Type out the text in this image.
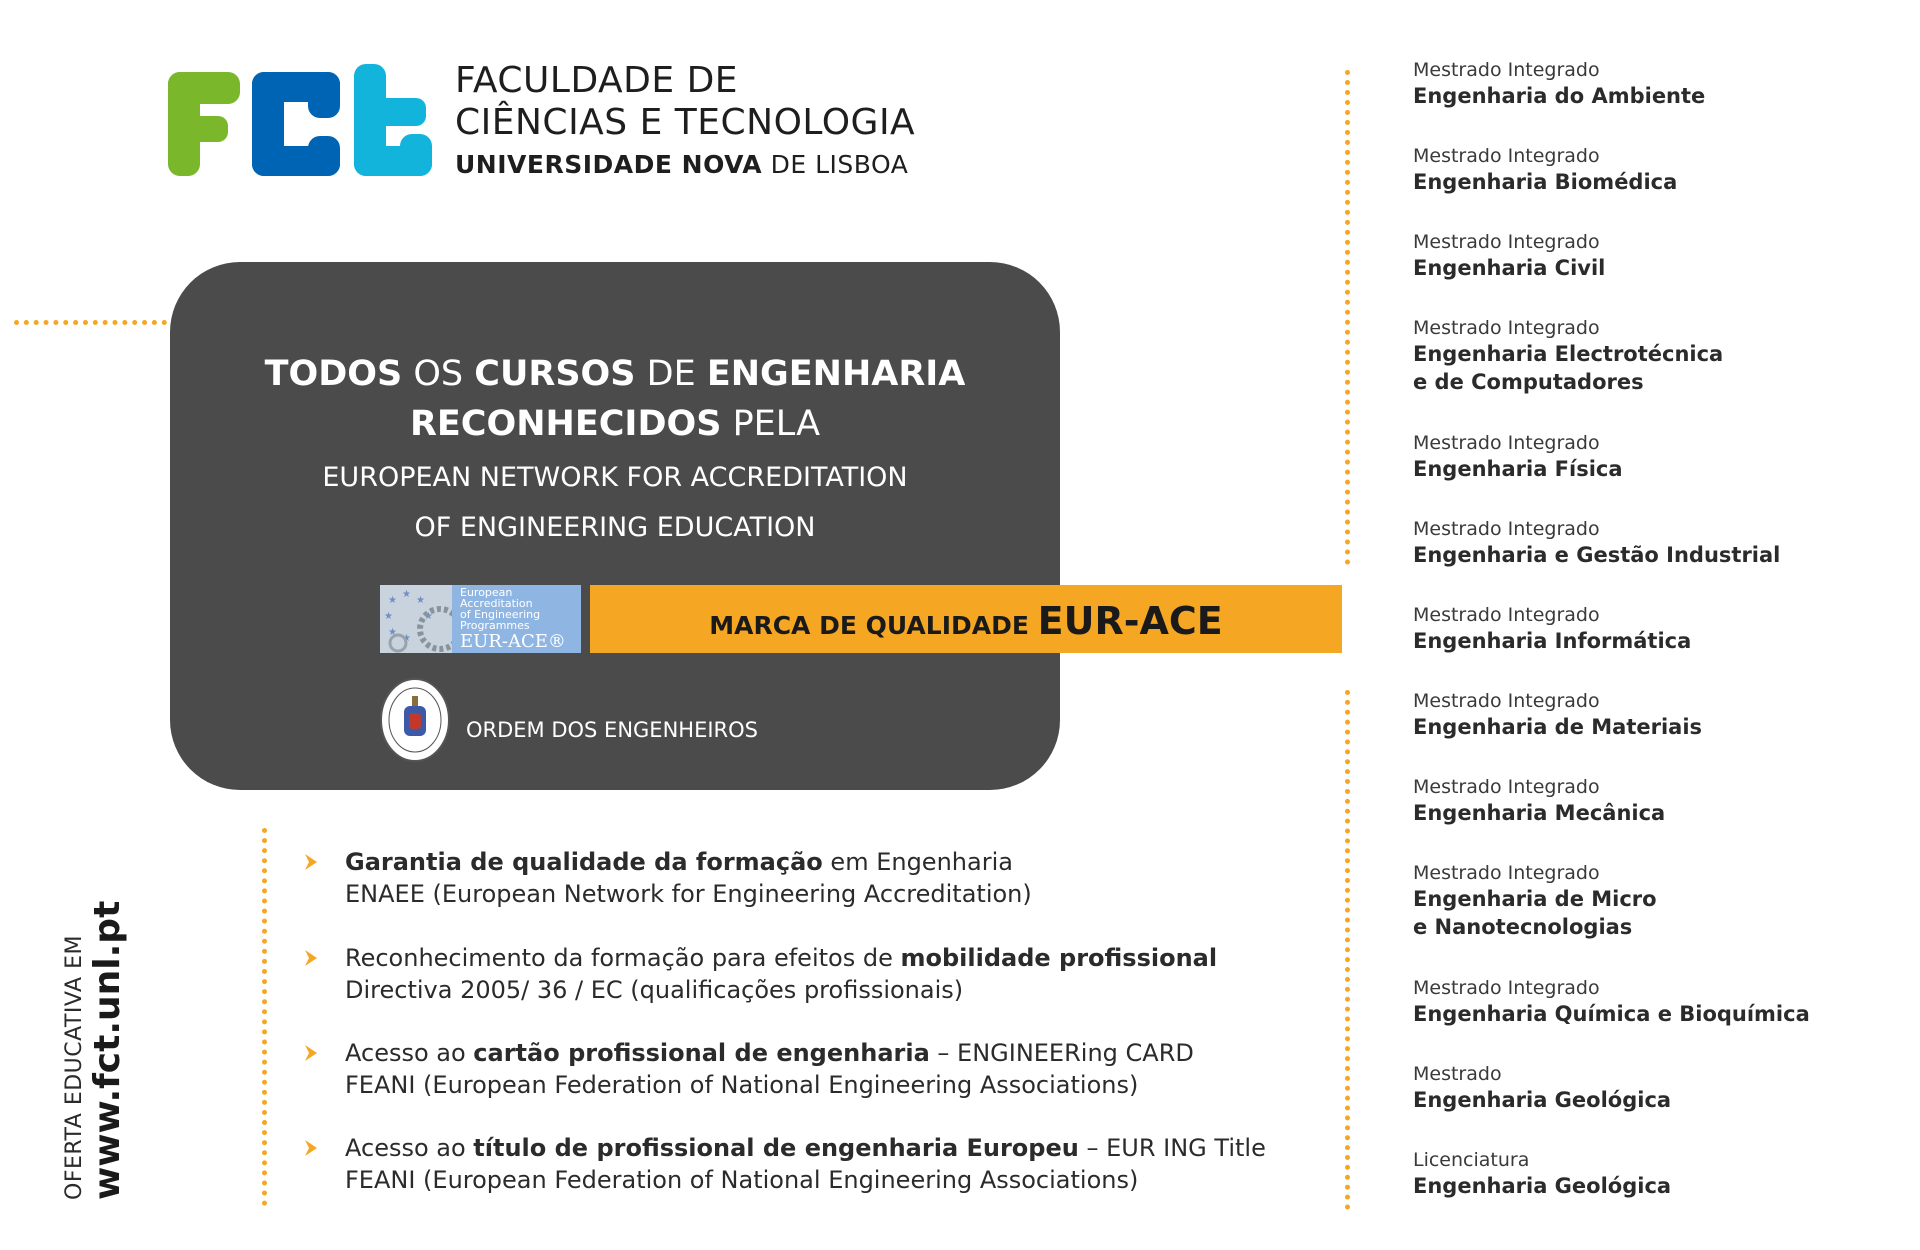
FACULDADE DE
CIÊNCIAS E TECNOLOGIA
UNIVERSIDADE NOVA DE LISBOA
TODOS OS CURSOS DE ENGENHARIA
RECONHECIDOS PELA
EUROPEAN NETWORK FOR ACCREDITATION
OF ENGINEERING EDUCATION
★
★
★
★	★
★
★
European
Accreditation
of Engineering
Programmes
EUR-ACE®
MARCA DE QUALIDADE EUR-ACE
ORDEM DOS ENGENHEIROS
Garantia de qualidade da formação em Engenharia
ENAEE (European Network for Engineering Accreditation)
Reconhecimento da formação para efeitos de mobilidade profissional
Directiva 2005/ 36 / EC (qualificações profissionais)
Acesso ao cartão profissional de engenharia – ENGINEERing CARD
FEANI (European Federation of National Engineering Associations)
Acesso ao título de profissional de engenharia Europeu – EUR ING Title
FEANI (European Federation of National Engineering Associations)
OFERTA EDUCATIVA EM www.fct.unl.pt
Mestrado Integrado
Engenharia do Ambiente
Mestrado Integrado
Engenharia Biomédica
Mestrado Integrado
Engenharia Civil
Mestrado Integrado
Engenharia Electrotécnica
e de Computadores
Mestrado Integrado
Engenharia Física
Mestrado Integrado
Engenharia e Gestão Industrial
Mestrado Integrado
Engenharia Informática
Mestrado Integrado
Engenharia de Materiais
Mestrado Integrado
Engenharia Mecânica
Mestrado Integrado
Engenharia de Micro
e Nanotecnologias
Mestrado Integrado
Engenharia Química e Bioquímica
Mestrado
Engenharia Geológica
Licenciatura
Engenharia Geológica
